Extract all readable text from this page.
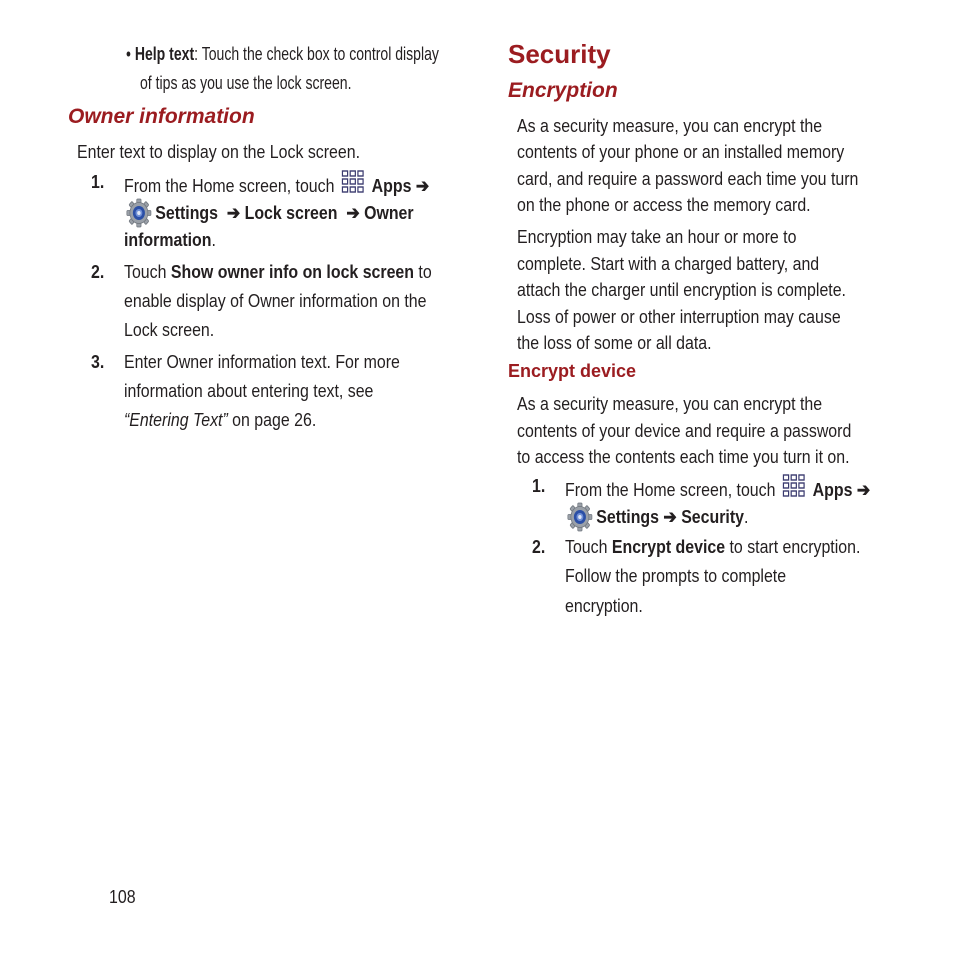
• Help text: Touch the check box to control display
of tips as you use the lock screen.
Owner information
Enter text to display on the Lock screen.
1. From the Home screen, touch Apps ➔
Settings ➔ Lock screen ➔ Owner
information.
2. Touch Show owner info on lock screen to
enable display of Owner information on the
Lock screen.
3. Enter Owner information text. For more
information about entering text, see
“Entering Text” on page 26.
Security
Encryption
As a security measure, you can encrypt the
contents of your phone or an installed memory
card, and require a password each time you turn
on the phone or access the memory card.
Encryption may take an hour or more to
complete. Start with a charged battery, and
attach the charger until encryption is complete.
Loss of power or other interruption may cause
the loss of some or all data.
Encrypt device
As a security measure, you can encrypt the
contents of your device and require a password
to access the contents each time you turn it on.
1. From the Home screen, touch Apps ➔
Settings ➔ Security.
2. Touch Encrypt device to start encryption.
Follow the prompts to complete
encryption.
108
